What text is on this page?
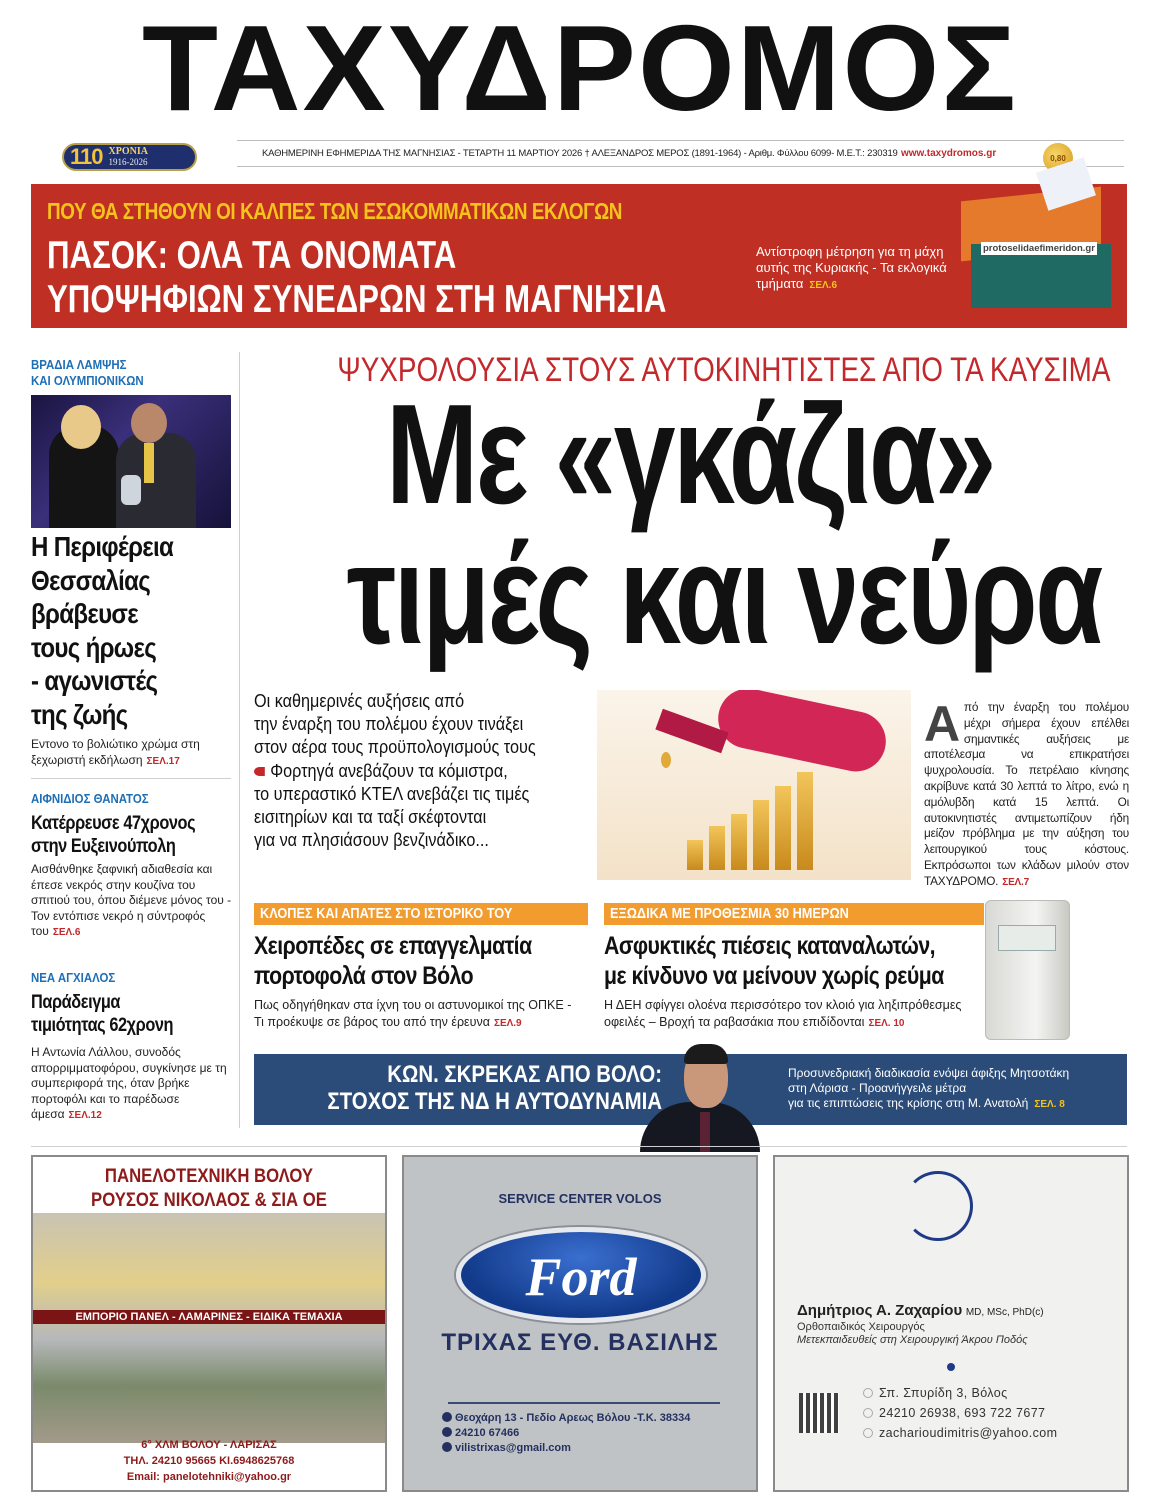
ΤΑΧΥΔΡΟΜΟΣ
110 ΧΡΟΝΙΑ
1916-2026
ΚΑΘΗΜΕΡΙΝΗ ΕΦΗΜΕΡΙΔΑ ΤΗΣ ΜΑΓΝΗΣΙΑΣ - ΤΕΤΑΡΤΗ 11 ΜΑΡΤΙΟΥ 2026 † ΑΛΕΞΑΝΔΡΟΣ ΜΕΡΟΣ (1891-1964) - Αριθμ. Φύλλου 6099- Μ.Ε.Τ.: 230319 www.taxydromos.gr	0,80
ΠΟΥ ΘΑ ΣΤΗΘΟΥΝ ΟΙ ΚΑΛΠΕΣ ΤΩΝ ΕΣΩΚΟΜΜΑΤΙΚΩΝ ΕΚΛΟΓΩΝ
ΠΑΣΟΚ: ΟΛΑ ΤΑ ΟΝΟΜΑΤΑ
ΥΠΟΨΗΦΙΩΝ ΣΥΝΕΔΡΩΝ ΣΤΗ ΜΑΓΝΗΣΙΑ
Αντίστροφη μέτρηση για τη μάχη αυτής της Κυριακής - Τα εκλογικά τμήματα ΣΕΛ.6
protoselidaefimeridon.gr
ΒΡΑΔΙΑ ΛΑΜΨΗΣ
ΚΑΙ ΟΛΥΜΠΙΟΝΙΚΩΝ
Η Περιφέρεια
Θεσσαλίας
βράβευσε
τους ήρωες
- αγωνιστές
της ζωής
Εντονο το βολιώτικο χρώμα στη ξεχωριστή εκδήλωση ΣΕΛ.17
ΑΙΦΝΙΔΙΟΣ ΘΑΝΑΤΟΣ
Κατέρρευσε 47χρονος
στην Ευξεινούπολη
Αισθάνθηκε ξαφνική αδιαθεσία και έπεσε νεκρός στην κουζίνα του σπιτιού του, όπου διέμενε μόνος του - Τον εντόπισε νεκρό η σύντροφός του ΣΕΛ.6
ΝΕΑ ΑΓΧΙΑΛΟΣ
Παράδειγμα
τιμιότητας 62χρονη
Η Αντωνία Λάλλου, συνοδός απορριμματοφόρου, συγκίνησε με τη συμπεριφορά της, όταν βρήκε πορτοφόλι και το παρέδωσε άμεσα ΣΕΛ.12
ΨΥΧΡΟΛΟΥΣΙΑ ΣΤΟΥΣ ΑΥΤΟΚΙΝΗΤΙΣΤΕΣ ΑΠΟ ΤΑ ΚΑΥΣΙΜΑ
Με «γκάζια»
τιμές και νεύρα
Οι καθημερινές αυξήσεις από
την έναρξη του πολέμου έχουν τινάξει
στον αέρα τους προϋπολογισμούς τους
Φορτηγά ανεβάζουν τα κόμιστρα,
το υπεραστικό ΚΤΕΛ ανεβάζει τις τιμές
εισιτηρίων και τα ταξί σκέφτονται
για να πλησιάσουν βενζινάδικο...
Από την έναρξη του πολέμου μέχρι σήμερα έχουν επέλθει σημαντικές αυξήσεις με αποτέλεσμα να επικρατήσει ψυχρολουσία. Το πετρέλαιο κίνησης ακρίβυνε κατά 30 λεπτά το λίτρο, ενώ η αμόλυβδη κατά 15 λεπτά. Οι αυτοκινητιστές αντιμετωπίζουν ήδη μείζον πρόβλημα με την αύξηση του λειτουργικού τους κόστους. Εκπρόσωποι των κλάδων μιλούν στον ΤΑΧΥΔΡΟΜΟ. ΣΕΛ.7
ΚΛΟΠΕΣ ΚΑΙ ΑΠΑΤΕΣ ΣΤΟ ΙΣΤΟΡΙΚΟ ΤΟΥ
Χειροπέδες σε επαγγελματία
πορτοφολά στον Βόλο
Πως οδηγήθηκαν στα ίχνη του οι αστυνομικοί της ΟΠΚΕ -
Τι προέκυψε σε βάρος του από την έρευνα ΣΕΛ.9
ΕΞΩΔΙΚΑ ΜΕ ΠΡΟΘΕΣΜΙΑ 30 ΗΜΕΡΩΝ
Ασφυκτικές πιέσεις καταναλωτών,
με κίνδυνο να μείνουν χωρίς ρεύμα
Η ΔΕΗ σφίγγει ολοένα περισσότερο τον κλοιό για ληξιπρόθεσμες
οφειλές – Βροχή τα ραβασάκια που επιδίδονται ΣΕΛ. 10
ΚΩΝ. ΣΚΡΕΚΑΣ ΑΠΟ ΒΟΛΟ:
ΣΤΟΧΟΣ ΤΗΣ ΝΔ Η ΑΥΤΟΔΥΝΑΜΙΑ
Προσυνεδριακή διαδικασία ενόψει άφιξης Μητσοτάκη
στη Λάρισα - Προανήγγειλε μέτρα
για τις επιπτώσεις της κρίσης στη Μ. Ανατολή ΣΕΛ. 8
ΠΑΝΕΛΟΤΕΧΝΙΚΗ ΒΟΛΟΥ
ΡΟΥΣΟΣ ΝΙΚΟΛΑΟΣ & ΣΙΑ ΟΕ
ΕΜΠΟΡΙΟ ΠΑΝΕΛ - ΛΑΜΑΡΙΝΕΣ - ΕΙΔΙΚΑ ΤΕΜΑΧΙΑ
6° ΧΛΜ ΒΟΛΟΥ - ΛΑΡΙΣΑΣ
ΤΗΛ. 24210 95665 ΚΙ.6948625768
Email: panelotehniki@yahoo.gr
SERVICE CENTER VOLOS
Ford
ΤΡΙΧΑΣ ΕΥΘ. ΒΑΣΙΛΗΣ
Θεοχάρη 13 - Πεδίο Αρεως Βόλου -Τ.Κ. 38334
24210 67466
vilistrixas@gmail.com
Δημήτριος Α. Ζαχαρίου MD, MSc, PhD(c)
Ορθοπαιδικός Χειρουργός
Μετεκπαιδευθείς στη Χειρουργική Άκρου Ποδός
Σπ. Σπυρίδη 3, Βόλος
24210 26938, 693 722 7677
zacharioudimitris@yahoo.com
